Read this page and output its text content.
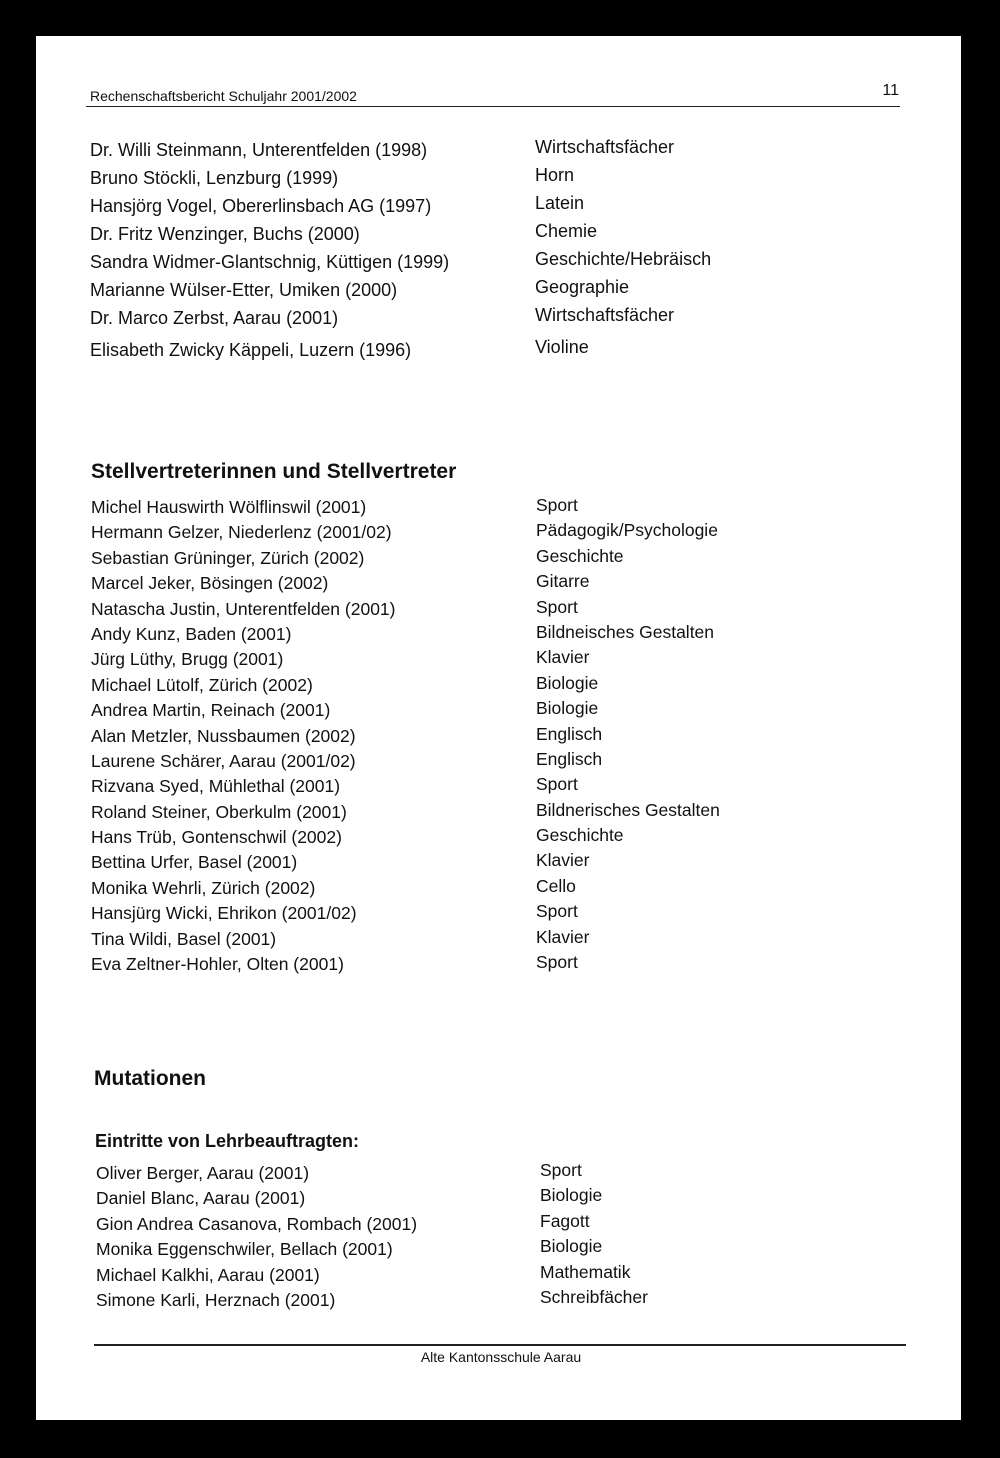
Rechenschaftsbericht Schuljahr 2001/2002	11
Dr. Willi Steinmann, Unterentfelden (1998)	Wirtschaftsfächer
Bruno Stöckli, Lenzburg (1999)	Horn
Hansjörg Vogel, Obererlinsbach AG (1997)	Latein
Dr. Fritz Wenzinger, Buchs (2000)	Chemie
Sandra Widmer-Glantschnig, Küttigen (1999)	Geschichte/Hebräisch
Marianne Wülser-Etter, Umiken (2000)	Geographie
Dr. Marco Zerbst, Aarau (2001)	Wirtschaftsfächer
Elisabeth Zwicky Käppeli, Luzern (1996)	Violine
Stellvertreterinnen und Stellvertreter
Michel Hauswirth Wölflinswil (2001)	Sport
Hermann Gelzer, Niederlenz (2001/02)	Pädagogik/Psychologie
Sebastian Grüninger, Zürich (2002)	Geschichte
Marcel Jeker, Bösingen (2002)	Gitarre
Natascha Justin, Unterentfelden (2001)	Sport
Andy Kunz, Baden (2001)	Bildneisches Gestalten
Jürg Lüthy, Brugg (2001)	Klavier
Michael Lütolf, Zürich (2002)	Biologie
Andrea Martin, Reinach (2001)	Biologie
Alan Metzler, Nussbaumen (2002)	Englisch
Laurene Schärer, Aarau (2001/02)	Englisch
Rizvana Syed, Mühlethal (2001)	Sport
Roland Steiner, Oberkulm (2001)	Bildnerisches Gestalten
Hans Trüb, Gontenschwil (2002)	Geschichte
Bettina Urfer, Basel (2001)	Klavier
Monika Wehrli, Zürich (2002)	Cello
Hansjürg Wicki, Ehrikon (2001/02)	Sport
Tina Wildi, Basel (2001)	Klavier
Eva Zeltner-Hohler, Olten (2001)	Sport
Mutationen
Eintritte von Lehrbeauftragten:
Oliver Berger, Aarau (2001)	Sport
Daniel Blanc, Aarau (2001)	Biologie
Gion Andrea Casanova, Rombach (2001)	Fagott
Monika Eggenschwiler, Bellach (2001)	Biologie
Michael Kalkhi, Aarau (2001)	Mathematik
Simone Karli, Herznach (2001)	Schreibfächer
Alte Kantonsschule Aarau
